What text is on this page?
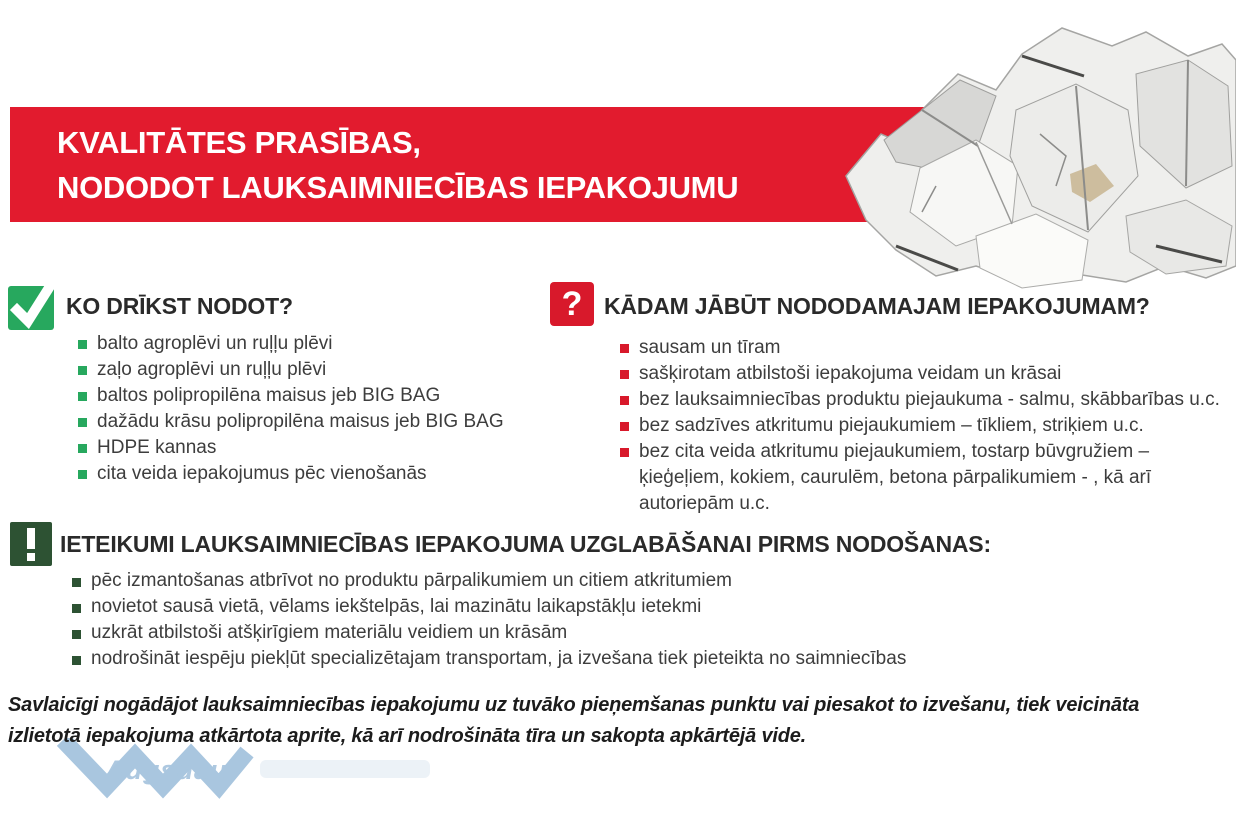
KVALITĀTES PRASĪBAS,
NODODOT LAUKSAIMNIECĪBAS IEPAKOJUMU
KO DRĪKST NODOT?
balto agroplēvi un ruļļu plēvi
zaļo agroplēvi un ruļļu plēvi
baltos polipropilēna maisus jeb BIG BAG
dažādu krāsu polipropilēna maisus jeb BIG BAG
HDPE kannas
cita veida iepakojumus pēc vienošanās
? KĀDAM JĀBŪT NODODAMAJAM IEPAKOJUMAM?
sausam un tīram
sašķirotam atbilstoši iepakojuma veidam un krāsai
bez lauksaimniecības produktu piejaukuma - salmu, skābbarības u.c.
bez sadzīves atkritumu piejaukumiem – tīkliem, striķiem u.c.
bez cita veida atkritumu piejaukumiem, tostarp būvgružiem – ķieģeļiem, kokiem, caurulēm, betona pārpalikumiem - , kā arī autoriepām u.c.
IETEIKUMI LAUKSAIMNIECĪBAS IEPAKOJUMA UZGLABĀŠANAI PIRMS NODOŠANAS:
pēc izmantošanas atbrīvot no produktu pārpalikumiem un citiem atkritumiem
novietot sausā vietā, vēlams iekštelpās, lai mazinātu laikapstākļu ietekmi
uzkrāt atbilstoši atšķirīgiem materiālu veidiem un krāsām
nodrošināt iespēju piekļūt specializētajam transportam, ja izvešana tiek pieteikta no saimniecības
Savlaicīgi nogādājot lauksaimniecības iepakojumu uz tuvāko pieņemšanas punktu vai piesakot to izvešanu, tiek veicināta
izlietotā iepakojuma atkārtota aprite, kā arī nodrošināta tīra un sakopta apkārtējā vide.
Augsdau
